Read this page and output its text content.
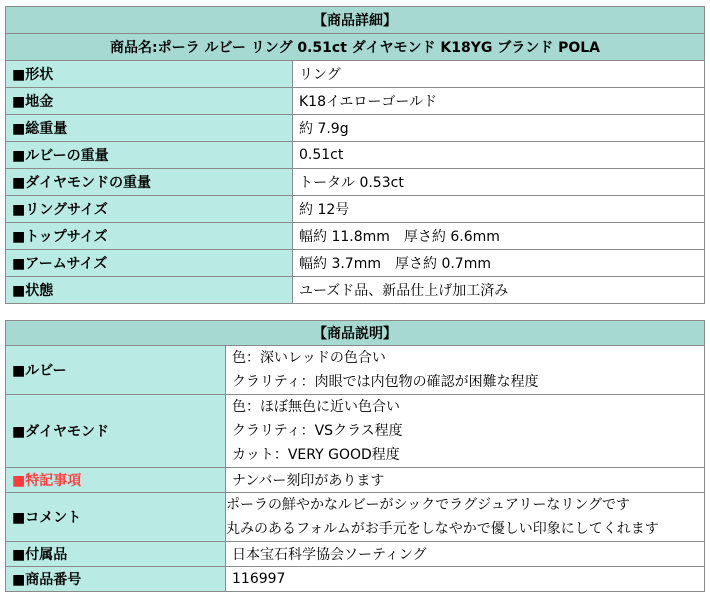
【商品詳細】	
商品名:ポーラ ルビー リング 0.51ct ダイヤモンド K18YG ブランド POLA	
■形状	リング
■地金	K18イエローゴールド
■総重量	約 7.9g
■ルビーの重量	0.51ct
■ダイヤモンドの重量	トータル 0.53ct
■リングサイズ	約 12号
■トップサイズ	幅約 11.8mm　厚さ約 6.6mm
■アームサイズ	幅約 3.7mm　厚さ約 0.7mm
■状態	ユーズド品、新品仕上げ加工済み
【商品説明】	
■ルビー	色：深いレッドの色合い
クラリティ：肉眼では内包物の確認が困難な程度

■ダイヤモンド	色：ほぼ無色に近い色合い
クラリティ：VSクラス程度
カット：VERY GOOD程度

■特記事項	ナンバー刻印があります
■コメント	ポーラの鮮やかなルビーがシックでラグジュアリーなリングです
丸みのあるフォルムがお手元をしなやかで優しい印象にしてくれます

■付属品	日本宝石科学協会ソーティング
■商品番号	116997
